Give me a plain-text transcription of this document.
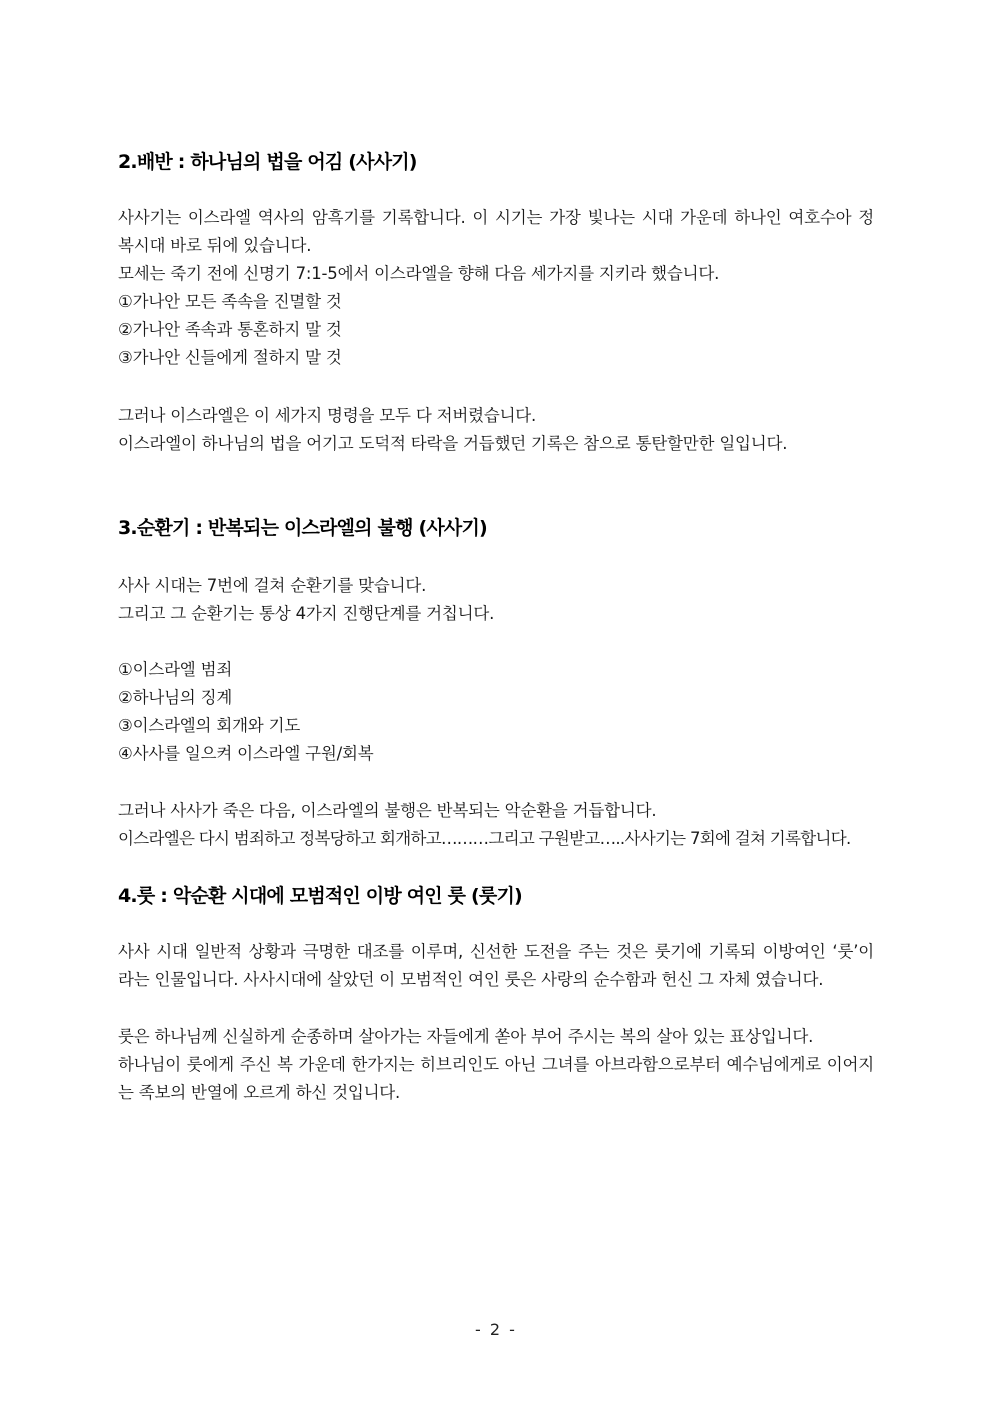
2.배반 : 하나님의 법을 어김 (사사기)
사사기는 이스라엘 역사의 암흑기를 기록합니다. 이 시기는 가장 빛나는 시대 가운데 하나인 여호수아 정
복시대 바로 뒤에 있습니다.
모세는 죽기 전에 신명기 7:1-5에서 이스라엘을 향해 다음 세가지를 지키라 했습니다.
①가나안 모든 족속을 진멸할 것
②가나안 족속과 통혼하지 말 것
③가나안 신들에게 절하지 말 것
그러나 이스라엘은 이 세가지 명령을 모두 다 저버렸습니다.
이스라엘이 하나님의 법을 어기고 도덕적 타락을 거듭했던 기록은 참으로 통탄할만한 일입니다.
3.순환기 : 반복되는 이스라엘의 불행 (사사기)
사사 시대는 7번에 걸쳐 순환기를 맞습니다.
그리고 그 순환기는 통상 4가지 진행단계를 거칩니다.
①이스라엘 범죄
②하나님의 징계
③이스라엘의 회개와 기도
④사사를 일으켜 이스라엘 구원/회복
그러나 사사가 죽은 다음, 이스라엘의 불행은 반복되는 악순환을 거듭합니다.
이스라엘은 다시 범죄하고 정복당하고 회개하고………그리고 구원받고…..사사기는 7회에 걸쳐 기록합니다.
4.룻 : 악순환 시대에 모범적인 이방 여인 룻 (룻기)
사사 시대 일반적 상황과 극명한 대조를 이루며, 신선한 도전을 주는 것은 룻기에 기록되 이방여인 ‘룻’이
라는 인물입니다. 사사시대에 살았던 이 모범적인 여인 룻은 사랑의 순수함과 헌신 그 자체 였습니다.
룻은 하나님께 신실하게 순종하며 살아가는 자들에게 쏟아 부어 주시는 복의 살아 있는 표상입니다.
하나님이 룻에게 주신 복 가운데 한가지는 히브리인도 아닌 그녀를 아브라함으로부터 예수님에게로 이어지
는 족보의 반열에 오르게 하신 것입니다.
- 2 -
